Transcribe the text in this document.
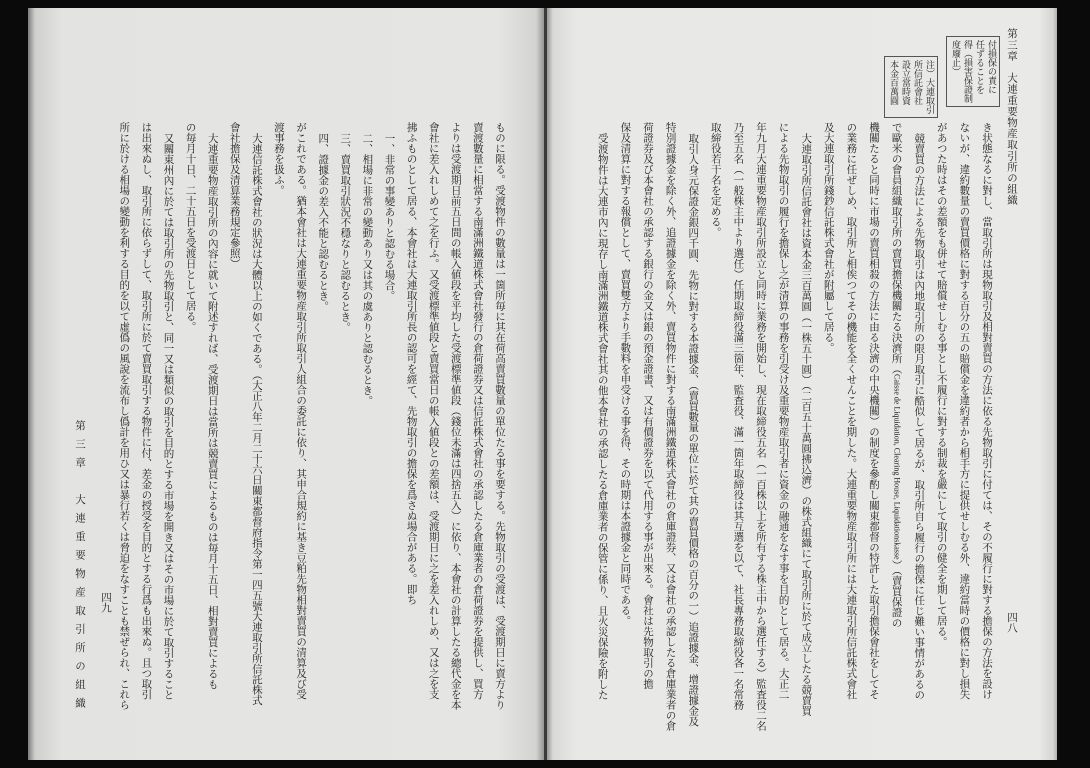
ものに限る。受渡物件の數量は一箇所毎に其在荷高賣買數量の單位たる事を要する。先物取引の受渡は、受渡期日に賣方より
賣渡數量に相當する南滿洲鐵道株式會社發行の倉荷證券又は信託株式會社の承認したる倉庫業者の倉荷證券を提供し、買方
よりは受渡期日前五日間の帳入値段を平均した受渡標準値段（錢位未滿は四捨五入）に依り、本會社の計算したる總代金を本
會社に差入れしめて之を行ふ。又受渡標準値段と賣買當日の帳入値段との差額は、受渡期日に之を差入れしめ、又は之を支
拂ふものとして居る、本會社は大連取引所長の認可を經て、先物取引の擔保を爲さぬ場合がある。即ち
一、非常の事變ありと認むる場合。
二、相場に非常の變動あり又は其の虞ありと認むるとき。
三、賣買取引狀況不穩なりと認むるとき。
四、證據金の差入不能と認むるとき。
がこれである。猶本會社は大連重要物産取引所取引人組合の委託に依り、其申合規約に基き豆粕先物相對賣買の清算及び受
渡事務を扱ふ。
大連信託株式會社の狀況は大體以上の如くである。（大正八年二月二十六日關東都督府指令第一四五號大連取引所信託株式
會社擔保及清算業務規定參照）
大連重要物産取引所の內容に就いて附述すれば、受渡期日は當所は競賣買によるものは毎月十五日、相對賣買によるも
の毎月十日、二十五日を受渡日として居る。
又關東州內に於ては取引所の先物取引と、同一又は類似の取引を目的とする市場を開き又はその市場に於て取引すること
は出來ぬし、取引所に依らずして、取引所に於て賣買取引する物件に付、差金の授受を目的とする行爲も出來ぬ。且つ取引
所に於ける相場の變動を利する目的を以て虛僞の風說を流布し僞計を用ひ又は暴行若くは脅迫をなすことも禁ぜられ、これら
四九
第三章　大連重要物産取引所の組織
第三章　大連重要物産取引所の組織
四八
付損保の責に
任ずることを
得（損害保證制
度廢止）
注）大連取引
所信託會社
設立當時資
本金百萬圓
き状態なるに對し、當取引所は現物取引及相對賣買の方法に依る先物取引に付ては、その不履行に對する擔保の方法を設け
ないが、違約數量の賣買價格に對する百分の五の賠償金を違約者から相手方に提供せしむる外、違約當時の價格に對し損失
があつた時はその差額をも併せて賠償せしむる事とし不履行に對する制裁を嚴にして取引の健全を期して居る。
競賣買の方法による先物取引は內地取引所の限月取引に酷似して居るが、取引所自ら履行の擔保に任じ難い事情があるの
で歐米の會員組織取引所の賣買擔保機關たる決濟所（Caisse de Liquidation, Clearing House, Liquidationskasse）（賣買保證の
機關たると同時に市場の賣買相殺の方法に由る決濟の中央機關）の制度を參酌し關東都督の特許した取引擔保會社をしてそ
の業務に任ぜしめ、取引所と相俟つてその機能を全くせんことを期した。大連重要物産取引所には大連取引所信託株式會社
及大連取引所錢鈔信託株式會社が附屬して居る。
大連取引所信託會社は資本金三百萬圓（一株五十圓）（二百五十萬圓拂込濟）の株式組織にて取引所に於て成立したる競賣買
による先物取引の履行を擔保し之が清算の事務を引受け及重要物産取引者に資金の融通をなす事を目的として居る。大正二
年九月大連重要物産取引所設立と同時に業務を開始し、現在取締役五名（一百株以上を所有する株主中から選任する）監査役二名
乃至五名（一般株主中より選任）任期取締役滿三箇年、監査役、滿一箇年取締役は其互選を以て、社長專務取締役各一名常務
取締役若干名を定める。
取引人身元保證金銀四千圓、先物に對する本證據金、（賣買數量の單位に於て其の賣買價格の百分の一）追證據金、增證據金及
特別證據金を除く外、追證據金を除く外、賣買物件に對する南滿洲鐵道株式會社の倉庫證券、又は會社の承認したる倉庫業者の倉
荷證券及び本會社の承認する銀行の金又は銀の預金證書、又は有價證券を以て代用する事が出來る。會社は先物取引の擔
保及清算に對する報償として、賣買雙方より手數料を申受ける事を得、その時期は本證據金と同時である。
受渡物件は大連市內に現存し南滿洲鐵道株式會社其の他本會社の承認したる倉庫業者の保管に係り、且火災保險を附した
